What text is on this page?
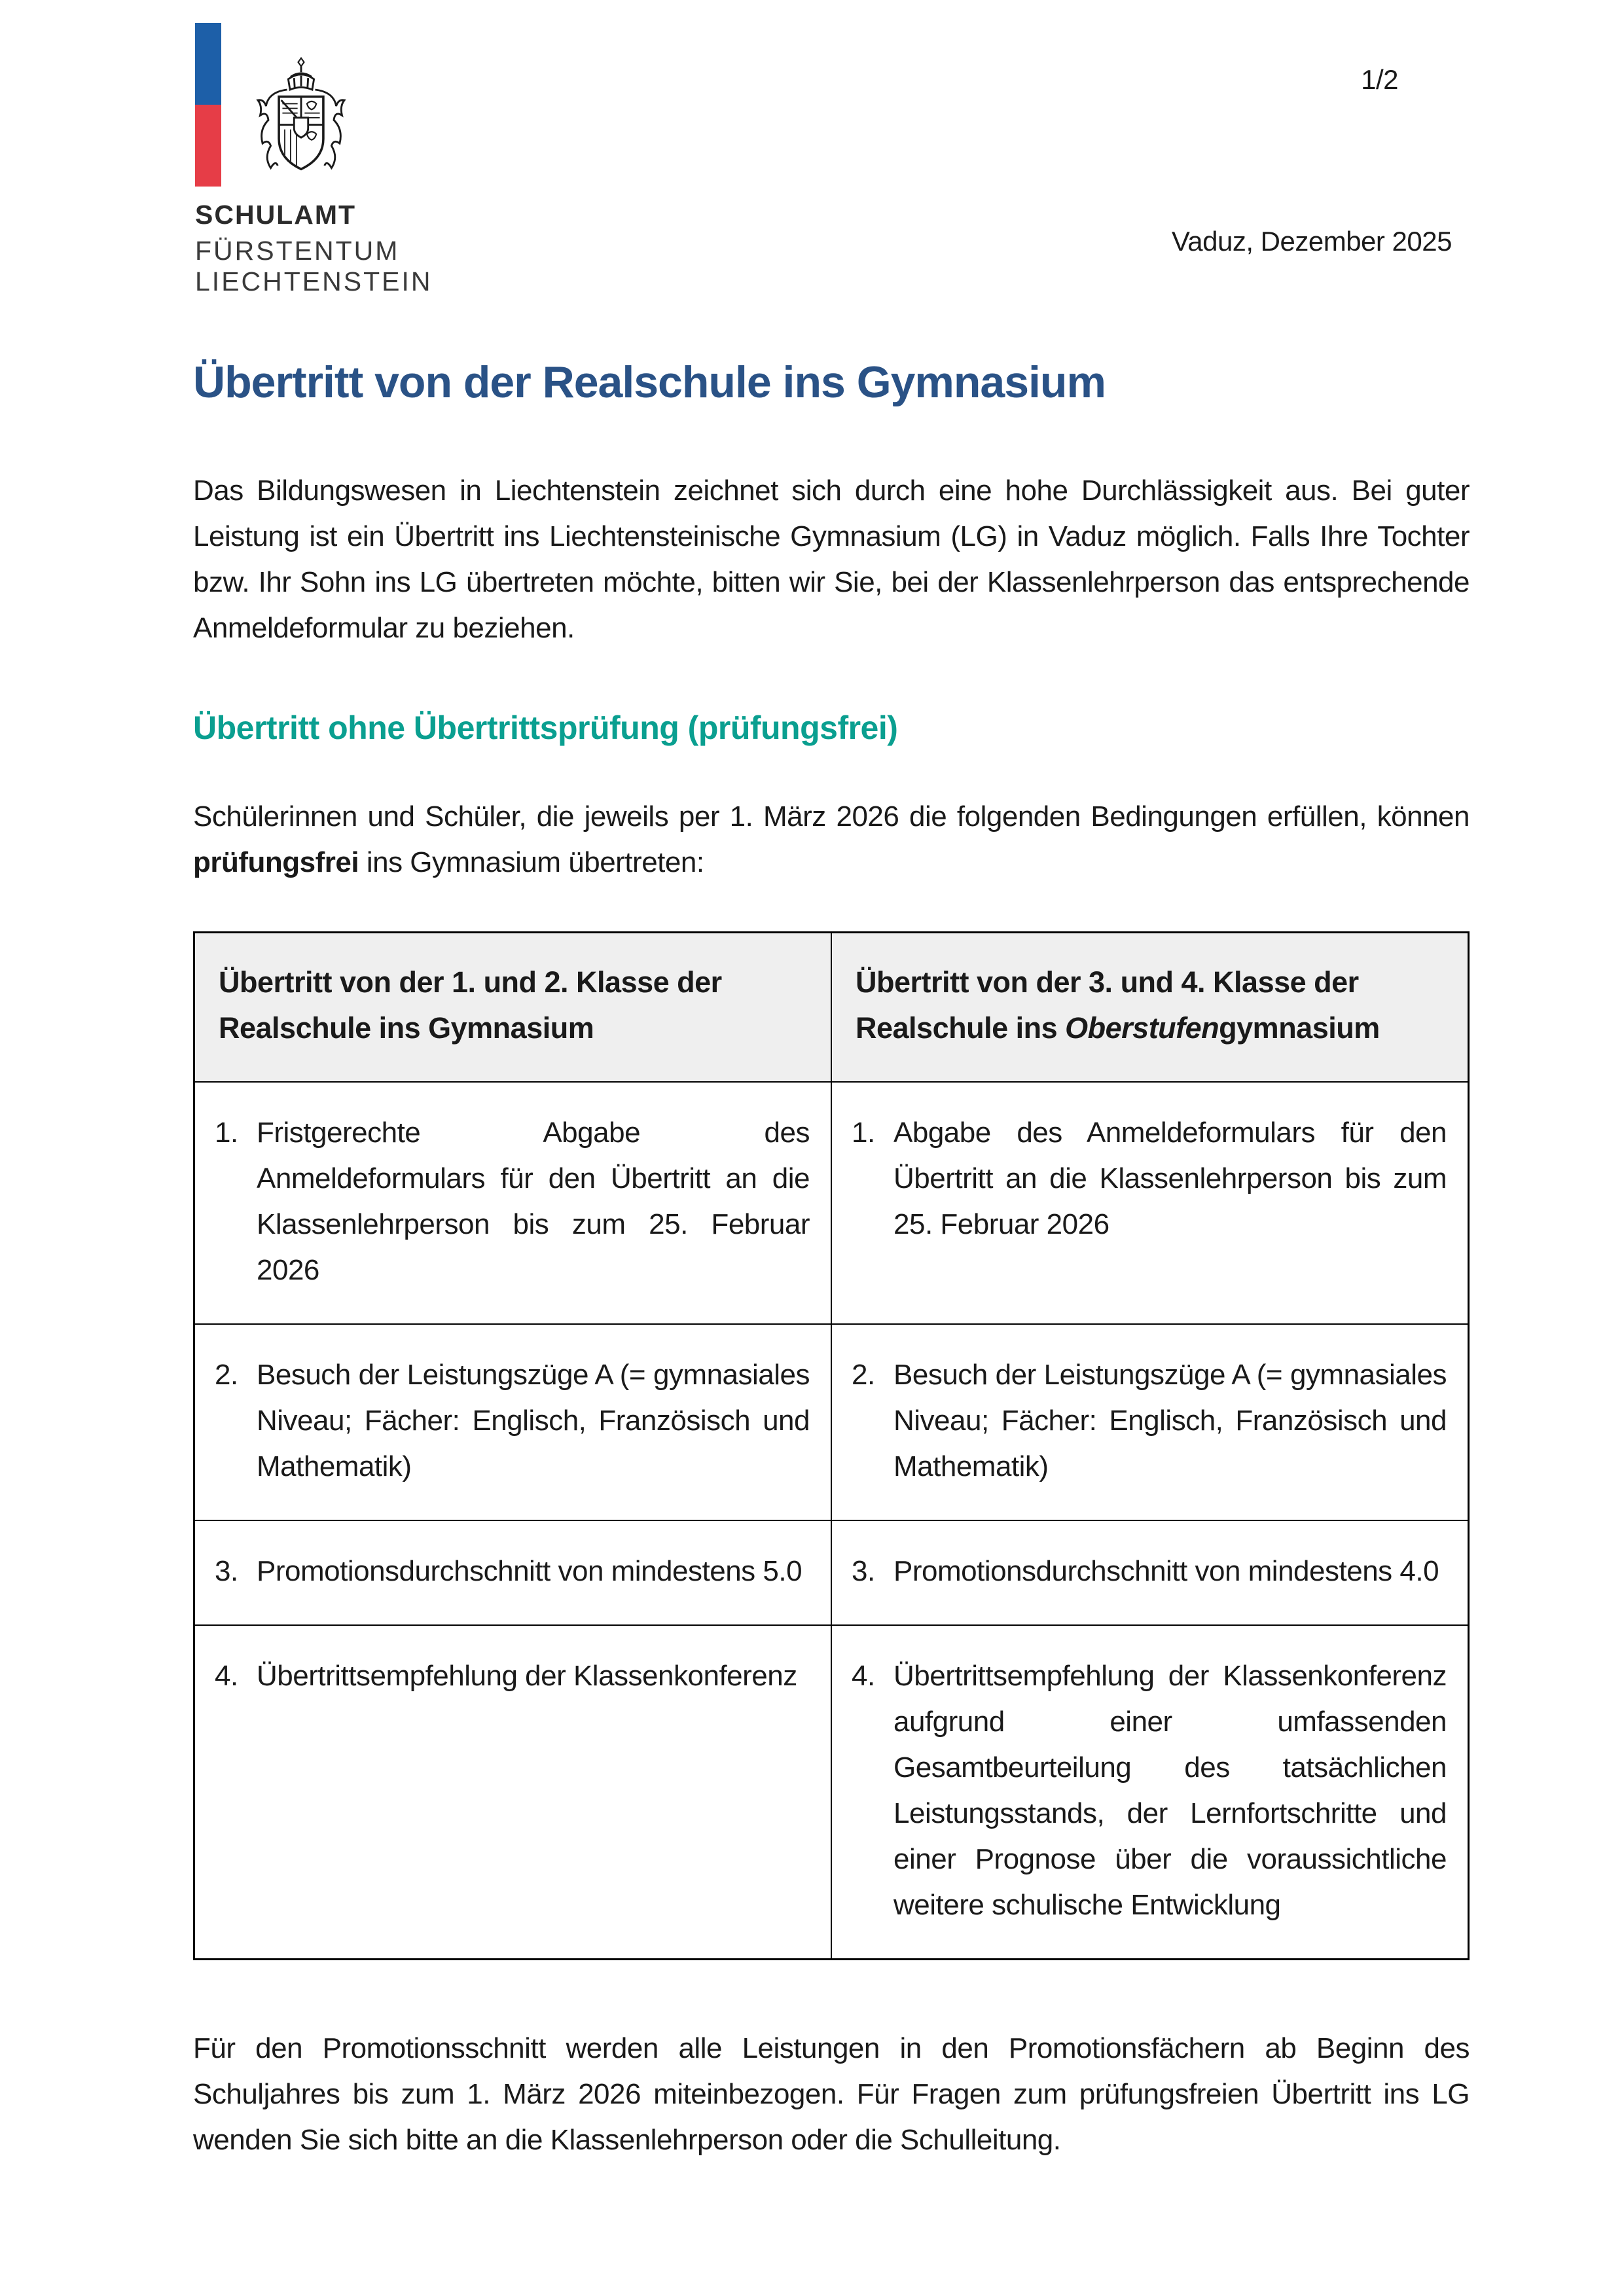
1/2
SCHULAMT
FÜRSTENTUM LIECHTENSTEIN
Vaduz, Dezember 2025
Übertritt von der Realschule ins Gymnasium

Das Bildungswesen in Liechtenstein zeichnet sich durch eine hohe Durchlässigkeit aus. Bei guter Leistung ist ein Übertritt ins Liechtensteinische Gymnasium (LG) in Vaduz möglich. Falls Ihre Tochter bzw. Ihr Sohn ins LG übertreten möchte, bitten wir Sie, bei der Klassenlehrperson das entsprechende Anmeldeformular zu beziehen.

Übertritt ohne Übertrittsprüfung (prüfungsfrei)

Schülerinnen und Schüler, die jeweils per 1. März 2026 die folgenden Bedingungen erfüllen, können prüfungsfrei ins Gymnasium übertreten:

Übertritt von der 1. und 2. Klasse der Realschule ins Gymnasium	Übertritt von der 3. und 4. Klasse der Realschule ins Oberstufengymnasium

1. Fristgerechte Abgabe des Anmeldeformulars für den Übertritt an die Klassenlehrperson bis zum 25. Februar 2026	1. Abgabe des Anmeldeformulars für den Übertritt an die Klassenlehrperson bis zum 25. Februar 2026

2. Besuch der Leistungszüge A (= gymnasiales Niveau; Fächer: Englisch, Französisch und Mathematik)	2. Besuch der Leistungszüge A (= gymnasiales Niveau; Fächer: Englisch, Französisch und Mathematik)

3. Promotionsdurchschnitt von mindestens 5.0	3. Promotionsdurchschnitt von mindestens 4.0

4. Übertrittsempfehlung der Klassenkonferenz	4. Übertrittsempfehlung der Klassenkonferenz aufgrund einer umfassenden Gesamtbeurteilung des tatsächlichen Leistungsstands, der Lernfortschritte und einer Prognose über die voraussichtliche weitere schulische Entwicklung

Für den Promotionsschnitt werden alle Leistungen in den Promotionsfächern ab Beginn des Schuljahres bis zum 1. März 2026 miteinbezogen. Für Fragen zum prüfungsfreien Übertritt ins LG wenden Sie sich bitte an die Klassenlehrperson oder die Schulleitung.
